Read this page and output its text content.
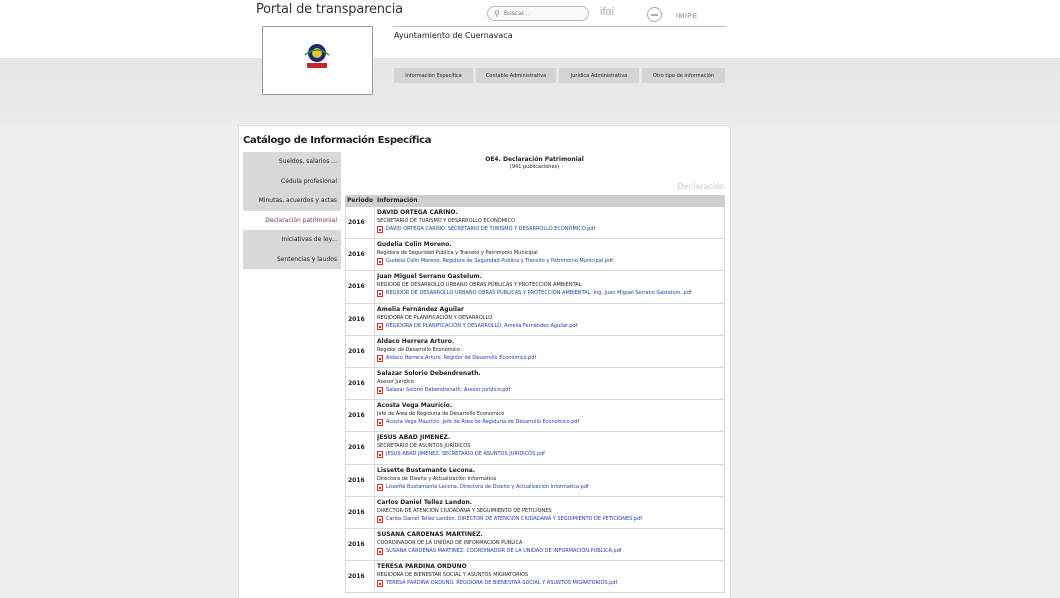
Portal de transparencia	⚲
Buscar...	ifai	IMIPE
Ayuntamiento de Cuernavaca
Información Específica	Contable Administrativa	Jurídica Administrativa	Otro tipo de información
Catálogo de Información Específica
Sueldos, salarios ...
Cédula profesional
Minutas, acuerdos y actas
Declaración patrimonial
Iniciativas de ley...
Sentencias y laudos
OE4. Declaración Patrimonial
(941 publicaciones)
Declaración
Periodo Información
2016
DAVID ORTEGA CARIÑO.
SECRETARIO DE TURISMO Y DESARROLLO ECONÓMICO
DAVID ORTEGA CARIÑO. SECRETARIO DE TURISMO Y DESARROLLO ECONÓMICO.pdf
2016
Gudelia Colin Moreno.
Regidora de Seguridad Pública y Transito y Patrimonio Municipal
Gudelia Colin Moreno. Regidora de Seguridad Pública y Transito y Patrimonio Municipal.pdf
2016
Juan Miguel Serrano Gastelum.
REGIDOR DE DESARROLLO URBANO OBRAS PÚBLICAS Y PROTECCIÓN AMBIENTAL
REGIDOR DE DESARROLLO URBANO OBRAS PÚBLICAS Y PROTECCIÓN AMBIENTAL. Ing. Juan Miguel Serrano Gastelum..pdf
2016
Amelia Fernández Aguilar
REGIDORA DE PLANIFICACIÓN Y DESARROLLO.
REGIDORA DE PLANIFICACIÓN Y DESARROLLO. Amelia Fernández Aguilar.pdf
2016
Aldaco Herrera Arturo.
Regidor de Desarrollo Económico
Aldaco Herrera Arturo. Regidor de Desarrollo Económico.pdf
2016
Salazar Solorio Debendrenath.
Asesor Jurídico
Salazar Solorio Debendrenath. Asesor Jurídico.pdf
2016
Acosta Vega Mauricio.
Jefe de Área de Regiduría de Desarrollo Económico
Acosta Vega Mauricio. Jefe de Área de Regiduría de Desarrollo Económico.pdf
2016
JESUS ABAD JIMENEZ.
SECRETARIO DE ASUNTOS JURÍDICOS
JESUS ABAD JIMENEZ. SECRETARIO DE ASUNTOS JURÍDICOS.pdf
2016
Lissette Bustamante Lecona.
Directora de Diseño y Actualización Informatica
Lissette Bustamante Lecona. Directora de Diseño y Actualización Informatica.pdf
2016
Carlos Daniel Tellez Landon.
DIRECTOR DE ATENCIÓN CIUDADANA Y SEGUIMIENTO DE PETICIONES
Carlos Daniel Tellez Landon. DIRECTOR DE ATENCIÓN CIUDADANA Y SEGUIMIENTO DE PETICIONES.pdf
2016
SUSANA CARDENAS MARTINEZ.
COORDINADOR DE LA UNIDAD DE INFORMACIÓN PÚBLICA
SUSANA CARDENAS MARTINEZ. COORDINADOR DE LA UNIDAD DE INFORMACIÓN PÚBLICA.pdf
2016
TERESA PARDIÑA ORDUÑO
REGIDORA DE BIENESTAR SOCIAL Y ASUNTOS MIGRATORIOS
TERESA PARDIÑA ORDUÑO. REGIDORA DE BIENESTAR SOCIAL Y ASUNTOS MIGRATORIOS.pdf
